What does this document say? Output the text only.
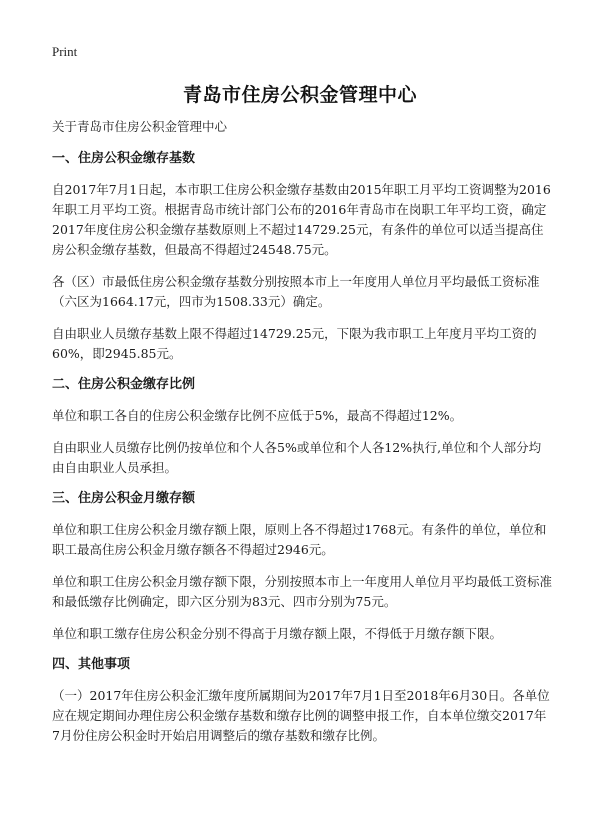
Print
青岛市住房公积金管理中心

关于青岛市住房公积金管理中心

一、住房公积金缴存基数

自2017年7月1日起，本市职工住房公积金缴存基数由2015年职工月平均工资调整为2016年职工月平均工资。根据青岛市统计部门公布的2016年青岛市在岗职工年平均工资，确定2017年度住房公积金缴存基数原则上不超过14729.25元，有条件的单位可以适当提高住房公积金缴存基数，但最高不得超过24548.75元。

各（区）市最低住房公积金缴存基数分别按照本市上一年度用人单位月平均最低工资标准（六区为1664.17元，四市为1508.33元）确定。

自由职业人员缴存基数上限不得超过14729.25元，下限为我市职工上年度月平均工资的60%，即2945.85元。

二、住房公积金缴存比例

单位和职工各自的住房公积金缴存比例不应低于5%，最高不得超过12%。

自由职业人员缴存比例仍按单位和个人各5%或单位和个人各12%执行,单位和个人部分均由自由职业人员承担。

三、住房公积金月缴存额

单位和职工住房公积金月缴存额上限，原则上各不得超过1768元。有条件的单位，单位和职工最高住房公积金月缴存额各不得超过2946元。

单位和职工住房公积金月缴存额下限，分别按照本市上一年度用人单位月平均最低工资标准和最低缴存比例确定，即六区分别为83元、四市分别为75元。

单位和职工缴存住房公积金分别不得高于月缴存额上限，不得低于月缴存额下限。

四、其他事项

（一）2017年住房公积金汇缴年度所属期间为2017年7月1日至2018年6月30日。各单位应在规定期间办理住房公积金缴存基数和缴存比例的调整申报工作，自本单位缴交2017年7月份住房公积金时开始启用调整后的缴存基数和缴存比例。
